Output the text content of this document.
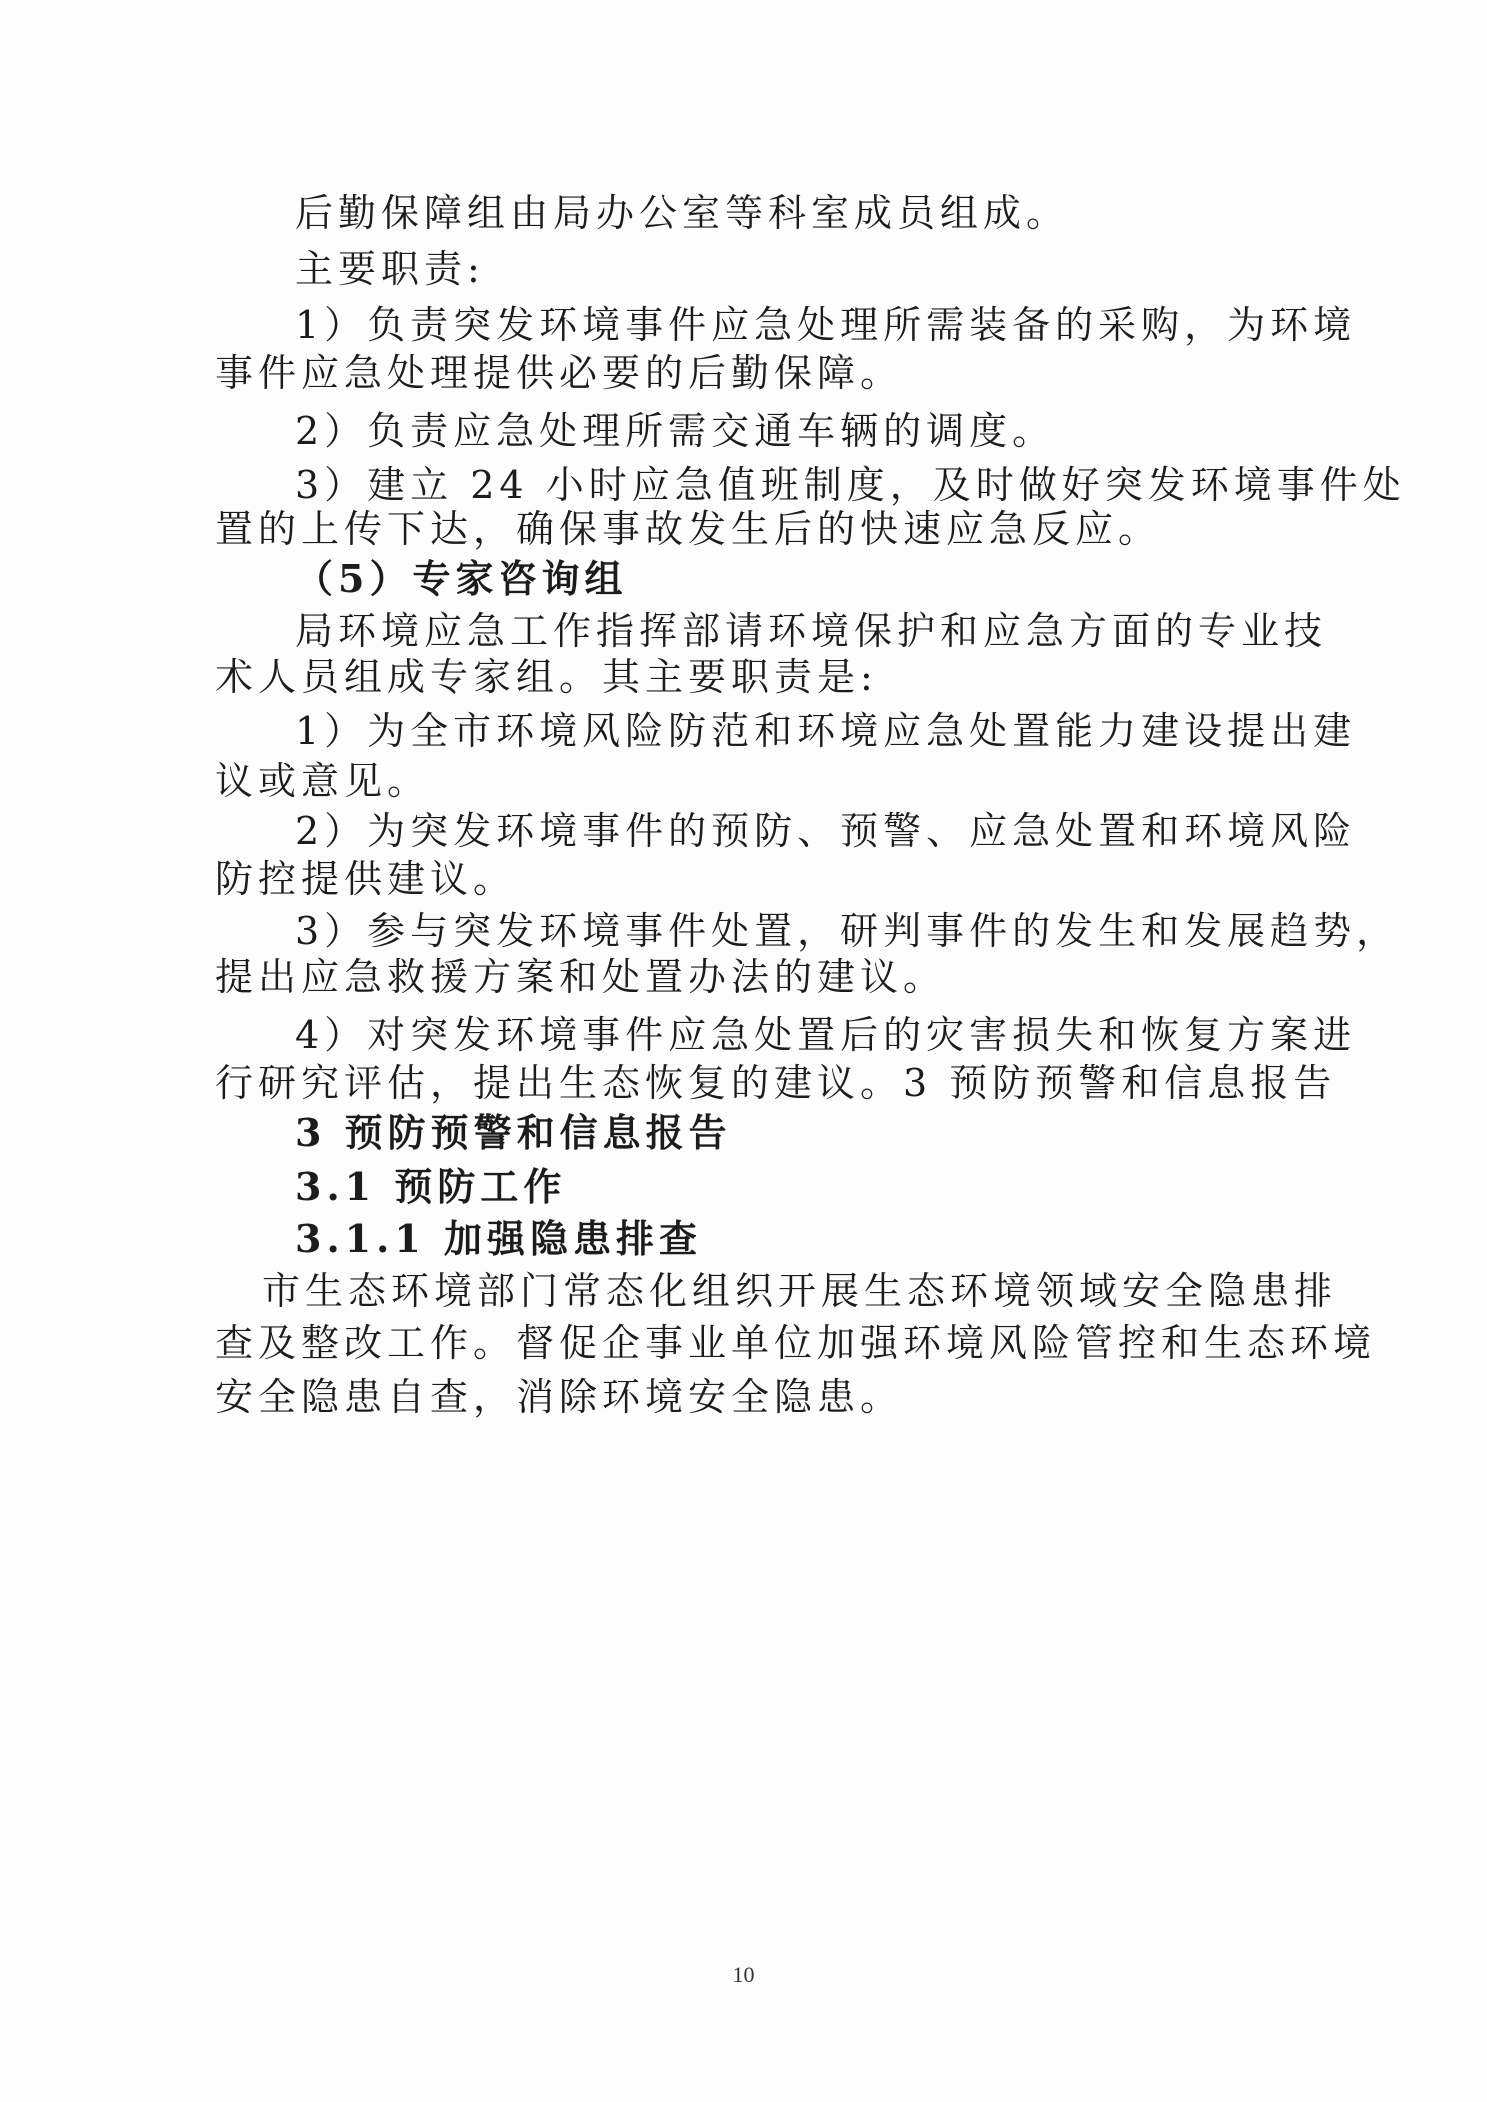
后勤保障组由局办公室等科室成员组成。
主要职责:
1）负责突发环境事件应急处理所需装备的采购，为环境
事件应急处理提供必要的后勤保障。
2）负责应急处理所需交通车辆的调度。
3）建立 24 小时应急值班制度，及时做好突发环境事件处
置的上传下达，确保事故发生后的快速应急反应。
（5）专家咨询组
局环境应急工作指挥部请环境保护和应急方面的专业技
术人员组成专家组。其主要职责是:
1）为全市环境风险防范和环境应急处置能力建设提出建
议或意见。
2）为突发环境事件的预防、预警、应急处置和环境风险
防控提供建议。
3）参与突发环境事件处置，研判事件的发生和发展趋势，
提出应急救援方案和处置办法的建议。
4）对突发环境事件应急处置后的灾害损失和恢复方案进
行研究评估，提出生态恢复的建议。3 预防预警和信息报告
3 预防预警和信息报告
3.1 预防工作
3.1.1 加强隐患排查
市生态环境部门常态化组织开展生态环境领域安全隐患排
查及整改工作。督促企事业单位加强环境风险管控和生态环境
安全隐患自查，消除环境安全隐患。
10
